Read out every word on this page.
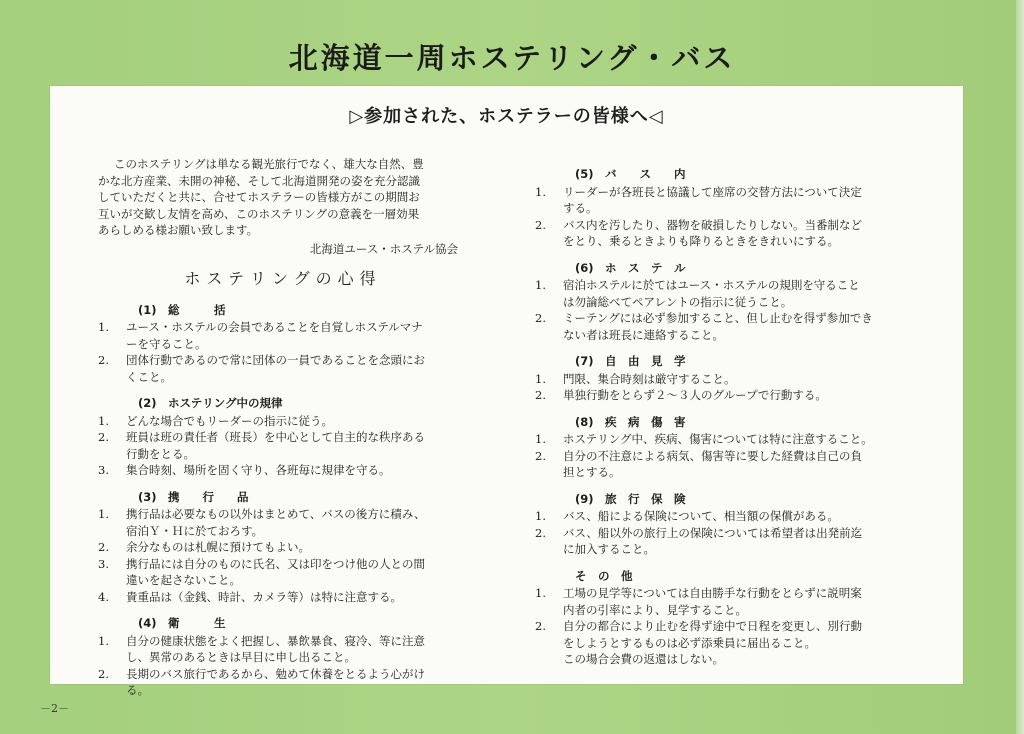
北海道一周ホステリング・バス
▷参加された、ホステラーの皆様へ◁
このホステリングは単なる観光旅行でなく、雄大な自然、豊
かな北方産業、未開の神秘、そして北海道開発の姿を充分認識
していただくと共に、合せてホステラーの皆様方がこの期間お
互いが交歓し友情を高め、このホステリングの意義を一層効果
あらしめる様お願い致します。
北海道ユース・ホステル協会
ホステリングの心得
(1)　総　　　括
1.	ユース・ホステルの会員であることを自覚しホステルマナ
ーを守ること。
2.	団体行動であるので常に団体の一員であることを念頭にお
くこと。
(2)　ホステリング中の規律
1.	どんな場合でもリーダーの指示に従う。
2.	班員は班の責任者（班長）を中心として自主的な秩序ある
行動をとる。
3.	集合時刻、場所を固く守り、各班毎に規律を守る。
(3)　携　　行　　品
1.	携行品は必要なもの以外はまとめて、バスの後方に積み、
宿泊Ｙ・Ｈに於ておろす。
2.	余分なものは札幌に預けてもよい。
3.	携行品には自分のものに氏名、又は印をつけ他の人との間
違いを起さないこと。
4.	貴重品は（金銭、時計、カメラ等）は特に注意する。
(4)　衛　　　生
1.	自分の健康状態をよく把握し、暴飲暴食、寝冷、等に注意
し、異常のあるときは早目に申し出ること。
2.	長期のバス旅行であるから、勉めて休養をとるよう心がけ
る。
(5)　バ　　ス　　内
1.	リーダーが各班長と協議して座席の交替方法について決定
する。
2.	バス内を汚したり、器物を破損したりしない。当番制など
をとり、乗るときよりも降りるときをきれいにする。
(6)　ホ　ス　テ　ル
1.	宿泊ホステルに於てはユース・ホステルの規則を守ること
は勿論総べてペアレントの指示に従うこと。
2.	ミーテングには必ず参加すること、但し止むを得ず参加でき
ない者は班長に連絡すること。
(7)　自　由　見　学
1.	門限、集合時刻は厳守すること。
2.	単独行動をとらず２～３人のグループで行動する。
(8)　疾　病　傷　害
1.	ホステリング中、疾病、傷害については特に注意すること。
2.	自分の不注意による病気、傷害等に要した経費は自己の負
担とする。
(9)　旅　行　保　険
1.	バス、船による保険について、相当額の保償がある。
2.	バス、船以外の旅行上の保険については希望者は出発前迄
に加入すること。
そ　の　他
1.	工場の見学等については自由勝手な行動をとらずに説明案
内者の引率により、見学すること。
2.	自分の都合により止むを得ず途中で日程を変更し、別行動
をしようとするものは必ず添乗員に届出ること。
この場合会費の返還はしない。
－2－
